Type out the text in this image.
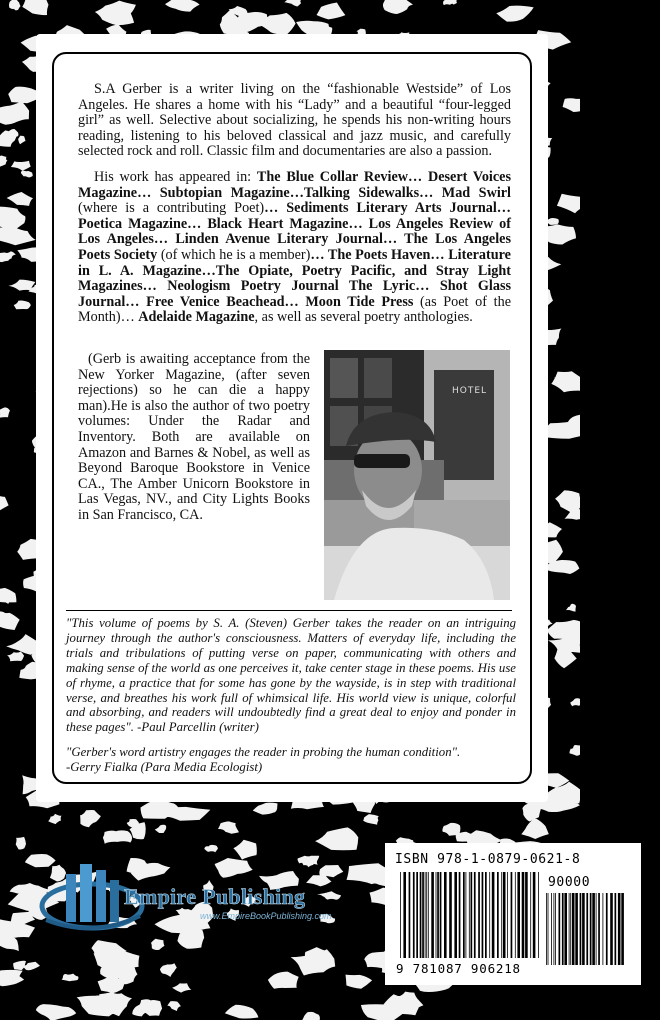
S.A Gerber is a writer living on the “fashionable Westside” of Los Angeles. He shares a home with his “Lady” and a beautiful “four-legged girl” as well. Selective about socializing, he spends his non-writing hours reading, listening to his beloved classical and jazz music, and carefully selected rock and roll. Classic film and documentaries are also a passion.

His work has appeared in: The Blue Collar Review… Desert Voices Magazine… Subtopian Magazine…Talking Sidewalks… Mad Swirl (where is a contributing Poet)… Sediments Literary Arts Journal… Poetica Magazine… Black Heart Magazine… Los Angeles Review of Los Angeles… Linden Avenue Literary Journal… The Los Angeles Poets Society (of which he is a member)… The Poets Haven… Literature in L. A. Magazine…The Opiate, Poetry Pacific, and Stray Light Magazines… Neologism Poetry Journal The Lyric… Shot Glass Journal… Free Venice Beachead… Moon Tide Press (as Poet of the Month)… Adelaide Magazine, as well as several poetry anthologies.

(Gerb is awaiting acceptance from the New Yorker Magazine, (after seven rejections) so he can die a happy man).He is also the author of two poetry volumes: Under the Radar and Inventory. Both are available on Amazon and Barnes & Nobel, as well as Beyond Baroque Bookstore in Venice CA., The Amber Unicorn Bookstore in Las Vegas, NV., and City Lights Books in San Francisco, CA.

HOTEL

"This volume of poems by S. A. (Steven) Gerber takes the reader on an intriguing journey through the author's consciousness. Matters of everyday life, including the trials and tribulations of putting verse on paper, communicating with others and making sense of the world as one perceives it, take center stage in these poems. His use of rhyme, a practice that for some has gone by the wayside, is in step with traditional verse, and breathes his work full of whimsical life. His world view is unique, colorful and absorbing, and readers will undoubtedly find a great deal to enjoy and ponder in these pages". -Paul Parcellin (writer)

"Gerber's word artistry engages the reader in probing the human condition".
-Gerry Fialka (Para Media Ecologist)

Empire Publishing
www.EmpireBookPublishing.com
ISBN 978-1-0879-0621-8
90000
9 781087 906218
